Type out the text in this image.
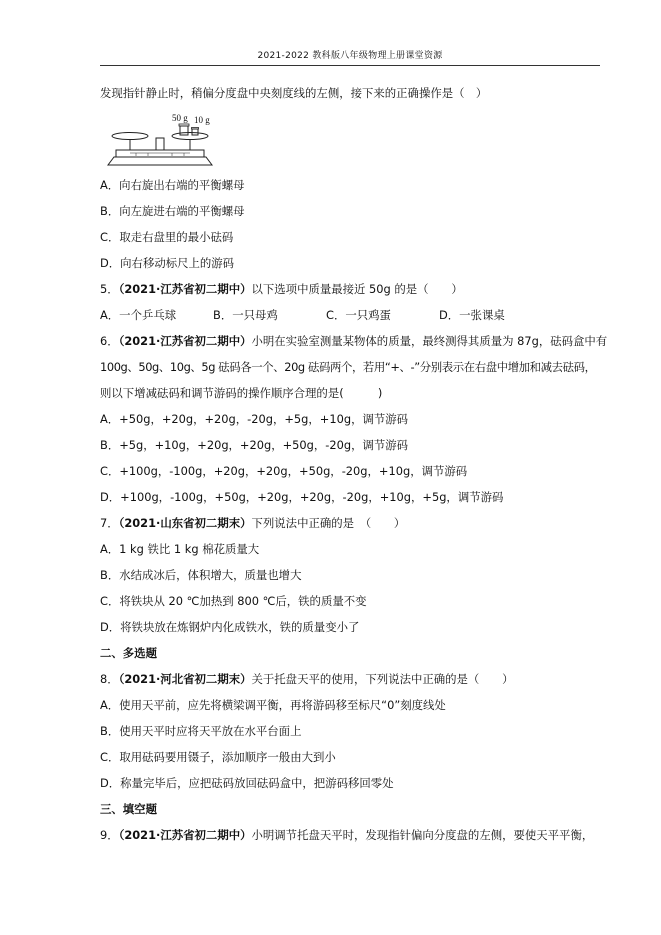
2021-2022 教科版八年级物理上册课堂资源
发现指针静止时，稍偏分度盘中央刻度线的左侧，接下来的正确操作是（　）
50 g 10 g
A．向右旋出右端的平衡螺母
B．向左旋进右端的平衡螺母
C．取走右盘里的最小砝码
D．向右移动标尺上的游码
5．（2021·江苏省初二期中）以下选项中质量最接近 50g 的是（　　）
A．一个乒乓球	B．一只母鸡	C．一只鸡蛋	D．一张课桌
6．（2021·江苏省初二期中）小明在实验室测量某物体的质量，最终测得其质量为 87g，砝码盒中有
100g、50g、10g、5g 砝码各一个、20g 砝码两个，若用“+、-”分别表示在右盘中增加和减去砝码，
则以下增减砝码和调节游码的操作顺序合理的是(　　　)
A．+50g，+20g，+20g，-20g，+5g，+10g，调节游码
B．+5g，+10g，+20g，+20g，+50g，-20g，调节游码
C．+100g，-100g，+20g，+20g，+50g，-20g，+10g，调节游码
D．+100g，-100g，+50g，+20g，+20g，-20g，+10g，+5g，调节游码
7．（2021·山东省初二期末）下列说法中正确的是　（　　）
A．1 kg 铁比 1 kg 棉花质量大
B．水结成冰后，体积增大，质量也增大
C．将铁块从 20 ℃加热到 800 ℃后，铁的质量不变
D．将铁块放在炼钢炉内化成铁水，铁的质量变小了
二、多选题
8．（2021·河北省初二期末）关于托盘天平的使用，下列说法中正确的是（　　）
A．使用天平前，应先将横梁调平衡，再将游码移至标尺“0”刻度线处
B．使用天平时应将天平放在水平台面上
C．取用砝码要用镊子，添加顺序一般由大到小
D．称量完毕后，应把砝码放回砝码盒中，把游码移回零处
三、填空题
9．（2021·江苏省初二期中）小明调节托盘天平时，发现指针偏向分度盘的左侧，要使天平平衡，
